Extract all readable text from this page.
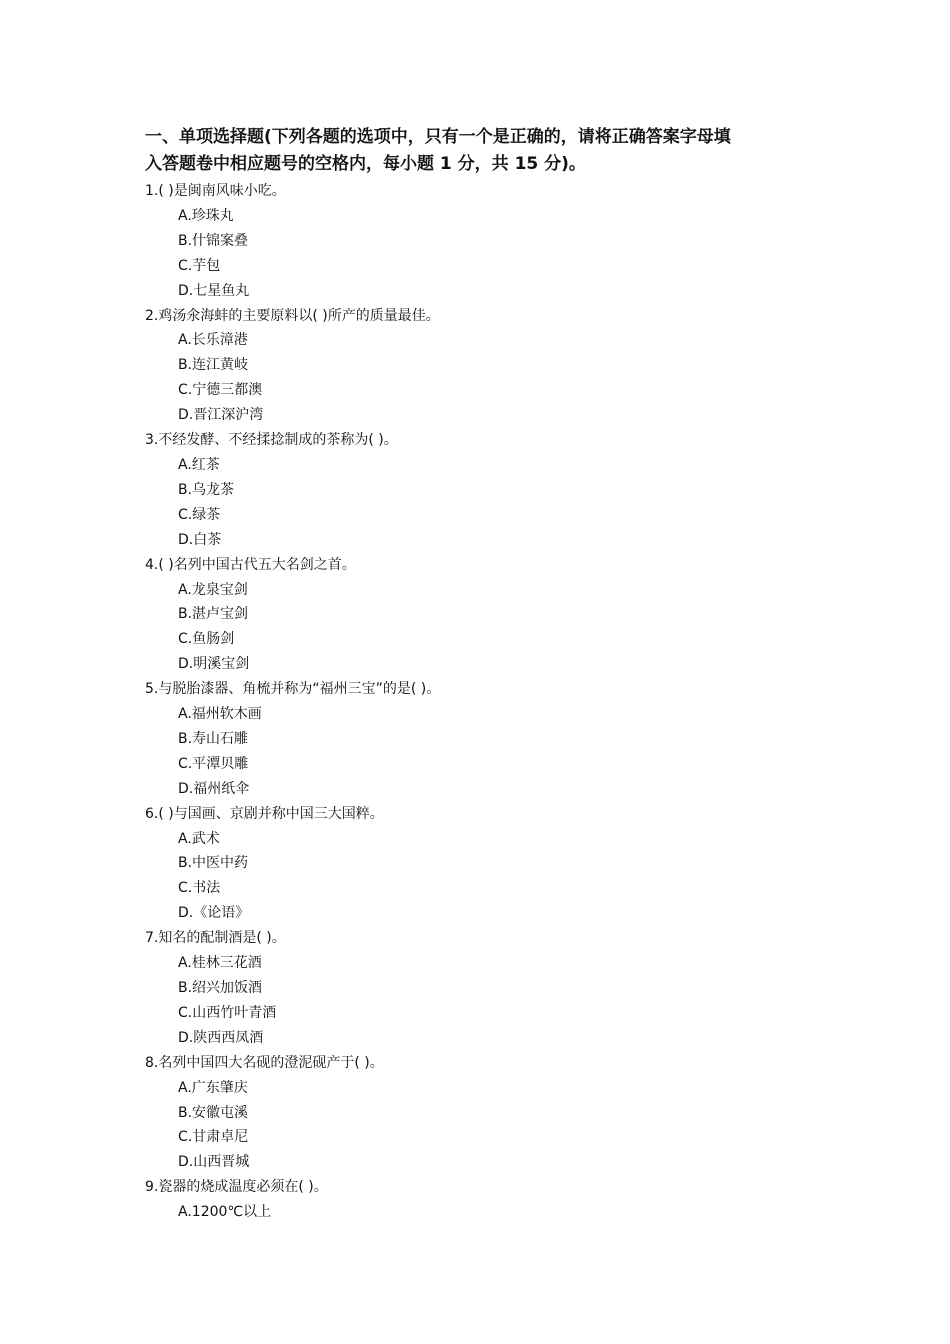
一、单项选择题(下列各题的选项中，只有一个是正确的，请将正确答案字母填
入答题卷中相应题号的空格内，每小题 1 分，共 15 分)。
1.( )是闽南风味小吃。
A.珍珠丸
B.什锦案叠
C.芋包
D.七星鱼丸
2.鸡汤氽海蚌的主要原料以( )所产的质量最佳。
A.长乐漳港
B.连江黄岐
C.宁德三都澳
D.晋江深沪湾
3.不经发酵、不经揉捻制成的茶称为( )。
A.红茶
B.乌龙茶
C.绿茶
D.白茶
4.( )名列中国古代五大名剑之首。
A.龙泉宝剑
B.湛卢宝剑
C.鱼肠剑
D.明溪宝剑
5.与脱胎漆器、角梳并称为“福州三宝”的是( )。
A.福州软木画
B.寿山石雕
C.平潭贝雕
D.福州纸伞
6.( )与国画、京剧并称中国三大国粹。
A.武术
B.中医中药
C.书法
D.《论语》
7.知名的配制酒是( )。
A.桂林三花酒
B.绍兴加饭酒
C.山西竹叶青酒
D.陕西西凤酒
8.名列中国四大名砚的澄泥砚产于( )。
A.广东肇庆
B.安徽屯溪
C.甘肃卓尼
D.山西晋城
9.瓷器的烧成温度必须在( )。
A.1200℃以上
